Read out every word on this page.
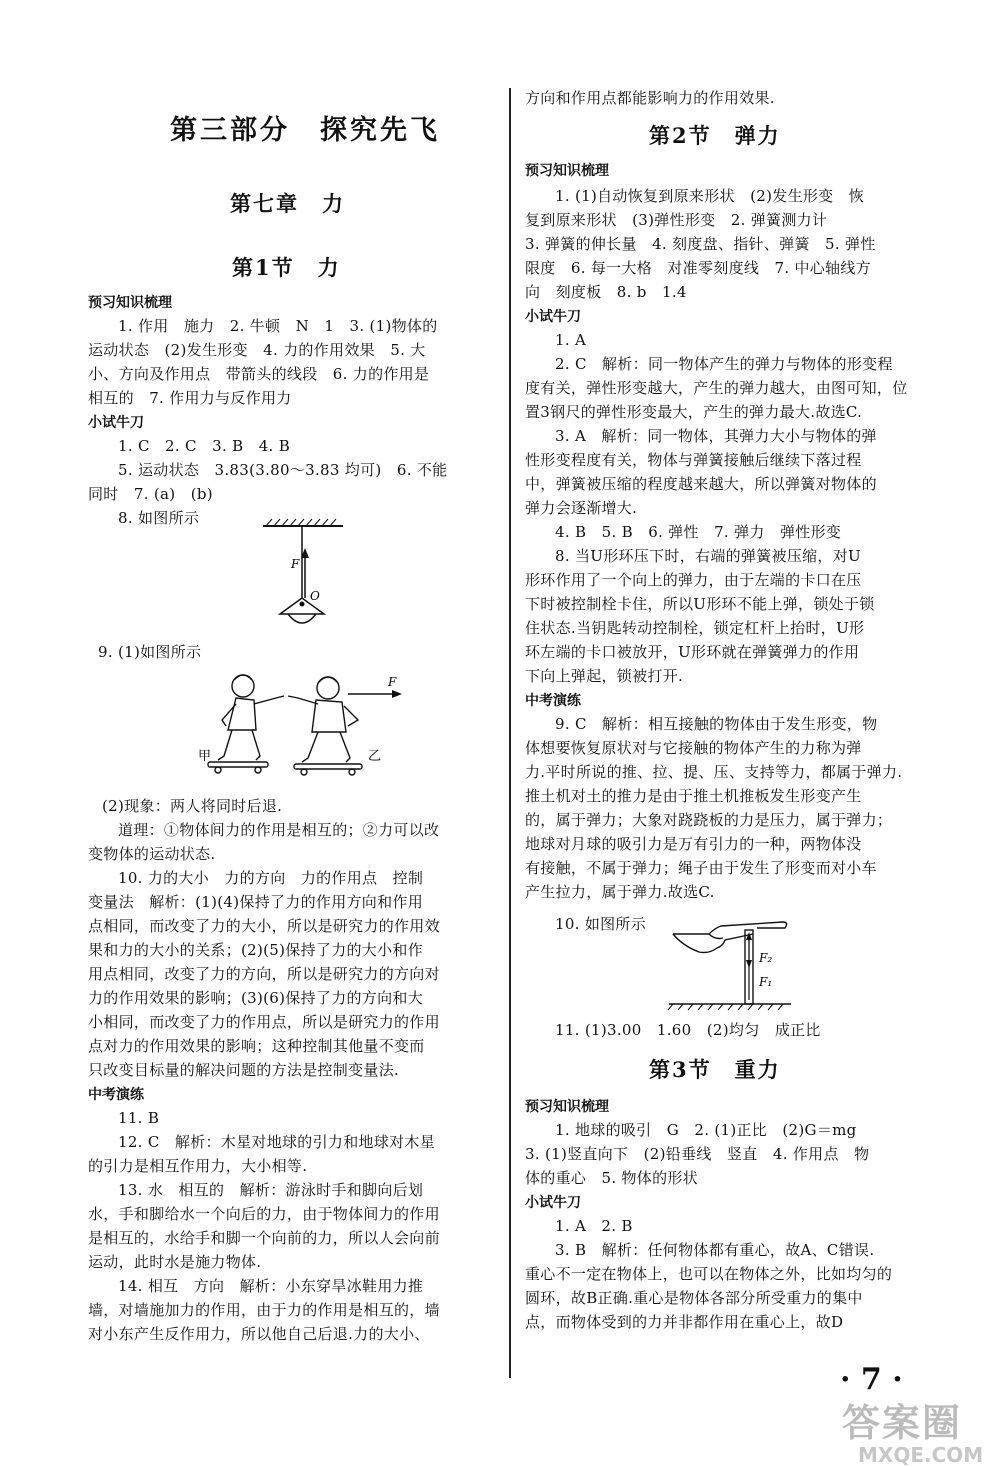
第三部分　探究先飞
第七章　力
第1节　力
预习知识梳理
1. 作用　施力　2. 牛顿　N　1　3. (1)物体的
运动状态　(2)发生形变　4. 力的作用效果　5. 大
小、方向及作用点　带箭头的线段　6. 力的作用是
相互的　7. 作用力与反作用力
小试牛刀
1. C　2. C　3. B　4. B
5. 运动状态　3.83(3.80～3.83 均可)　6. 不能
同时　7. (a)　(b)
8. 如图所示
F
O
9. (1)如图所示
F
甲	乙
(2)现象：两人将同时后退.
道理：①物体间力的作用是相互的；②力可以改
变物体的运动状态.
10. 力的大小　力的方向　力的作用点　控制
变量法　解析：(1)(4)保持了力的作用方向和作用
点相同，而改变了力的大小，所以是研究力的作用效
果和力的大小的关系；(2)(5)保持了力的大小和作
用点相同，改变了力的方向，所以是研究力的方向对
力的作用效果的影响；(3)(6)保持了力的方向和大
小相同，而改变了力的作用点，所以是研究力的作用
点对力的作用效果的影响；这种控制其他量不变而
只改变目标量的解决问题的方法是控制变量法.
中考演练
11. B
12. C　解析：木星对地球的引力和地球对木星
的引力是相互作用力，大小相等.
13. 水　相互的　解析：游泳时手和脚向后划
水，手和脚给水一个向后的力，由于物体间力的作用
是相互的，水给手和脚一个向前的力，所以人会向前
运动，此时水是施力物体.
14. 相互　方向　解析：小东穿旱冰鞋用力推
墙，对墙施加力的作用，由于力的作用是相互的，墙
对小东产生反作用力，所以他自己后退.力的大小、
方向和作用点都能影响力的作用效果.
第2节　弹力
预习知识梳理
1. (1)自动恢复到原来形状　(2)发生形变　恢
复到原来形状　(3)弹性形变　2. 弹簧测力计
3. 弹簧的伸长量　4. 刻度盘、指针、弹簧　5. 弹性
限度　6. 每一大格　对准零刻度线　7. 中心轴线方
向　刻度板　8. b　1.4
小试牛刀
1. A
2. C　解析：同一物体产生的弹力与物体的形变程
度有关，弹性形变越大，产生的弹力越大，由图可知，位
置3钢尺的弹性形变最大，产生的弹力最大.故选C.
3. A　解析：同一物体，其弹力大小与物体的弹
性形变程度有关，物体与弹簧接触后继续下落过程
中，弹簧被压缩的程度越来越大，所以弹簧对物体的
弹力会逐渐增大.
4. B　5. B　6. 弹性　7. 弹力　弹性形变
8. 当U形环压下时，右端的弹簧被压缩，对U
形环作用了一个向上的弹力，由于左端的卡口在压
下时被控制栓卡住，所以U形环不能上弹，锁处于锁
住状态.当钥匙转动控制栓，锁定杠杆上抬时，U形
环左端的卡口被放开，U形环就在弹簧弹力的作用
下向上弹起，锁被打开.
中考演练
9. C　解析：相互接触的物体由于发生形变，物
体想要恢复原状对与它接触的物体产生的力称为弹
力.平时所说的推、拉、提、压、支持等力，都属于弹力.
推土机对土的推力是由于推土机推板发生形变产生
的，属于弹力；大象对跷跷板的力是压力，属于弹力；
地球对月球的吸引力是万有引力的一种，两物体没
有接触，不属于弹力；绳子由于发生了形变而对小车
产生拉力，属于弹力.故选C.
10. 如图所示
F₂
F₁
11. (1)3.00　1.60　(2)均匀　成正比
第3节　重力
预习知识梳理
1. 地球的吸引　G　2. (1)正比　(2)G＝mg
3. (1)竖直向下　(2)铅垂线　竖直　4. 作用点　物
体的重心　5. 物体的形状
小试牛刀
1. A　2. B
3. B　解析：任何物体都有重心，故A、C错误.
重心不一定在物体上，也可以在物体之外，比如均匀的
圆环，故B正确.重心是物体各部分所受重力的集中
点，而物体受到的力并非都作用在重心上，故D
· 7 ·
答案圈
MXQE.COM
